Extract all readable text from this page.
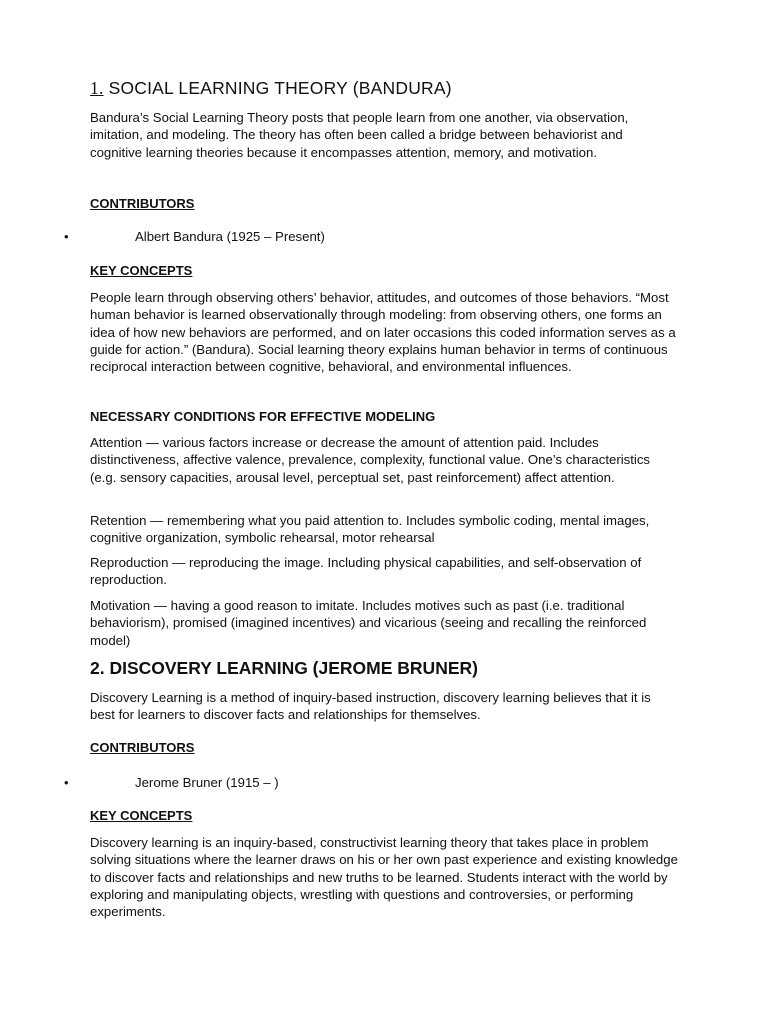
1. SOCIAL LEARNING THEORY (BANDURA)

Bandura’s Social Learning Theory posts that people learn from one another, via observation, imitation, and modeling. The theory has often been called a bridge between behaviorist and cognitive learning theories because it encompasses attention, memory, and motivation.

CONTRIBUTORS
•	Albert Bandura (1925 – Present)
KEY CONCEPTS

People learn through observing others’ behavior, attitudes, and outcomes of those behaviors. “Most human behavior is learned observationally through modeling: from observing others, one forms an idea of how new behaviors are performed, and on later occasions this coded information serves as a guide for action.” (Bandura). Social learning theory explains human behavior in terms of continuous reciprocal interaction between cognitive, behavioral, and environmental influences.

NECESSARY CONDITIONS FOR EFFECTIVE MODELING

Attention — various factors increase or decrease the amount of attention paid. Includes distinctiveness, affective valence, prevalence, complexity, functional value. One’s characteristics (e.g. sensory capacities, arousal level, perceptual set, past reinforcement) affect attention.

Retention — remembering what you paid attention to. Includes symbolic coding, mental images, cognitive organization, symbolic rehearsal, motor rehearsal

Reproduction — reproducing the image. Including physical capabilities, and self-observation of reproduction.

Motivation — having a good reason to imitate. Includes motives such as past (i.e. traditional behaviorism), promised (imagined incentives) and vicarious (seeing and recalling the reinforced model)

2. DISCOVERY LEARNING (JEROME BRUNER)

Discovery Learning is a method of inquiry-based instruction, discovery learning believes that it is best for learners to discover facts and relationships for themselves.

CONTRIBUTORS
•	Jerome Bruner (1915 – )
KEY CONCEPTS

Discovery learning is an inquiry-based, constructivist learning theory that takes place in problem solving situations where the learner draws on his or her own past experience and existing knowledge to discover facts and relationships and new truths to be learned. Students interact with the world by exploring and manipulating objects, wrestling with questions and controversies, or performing experiments.
